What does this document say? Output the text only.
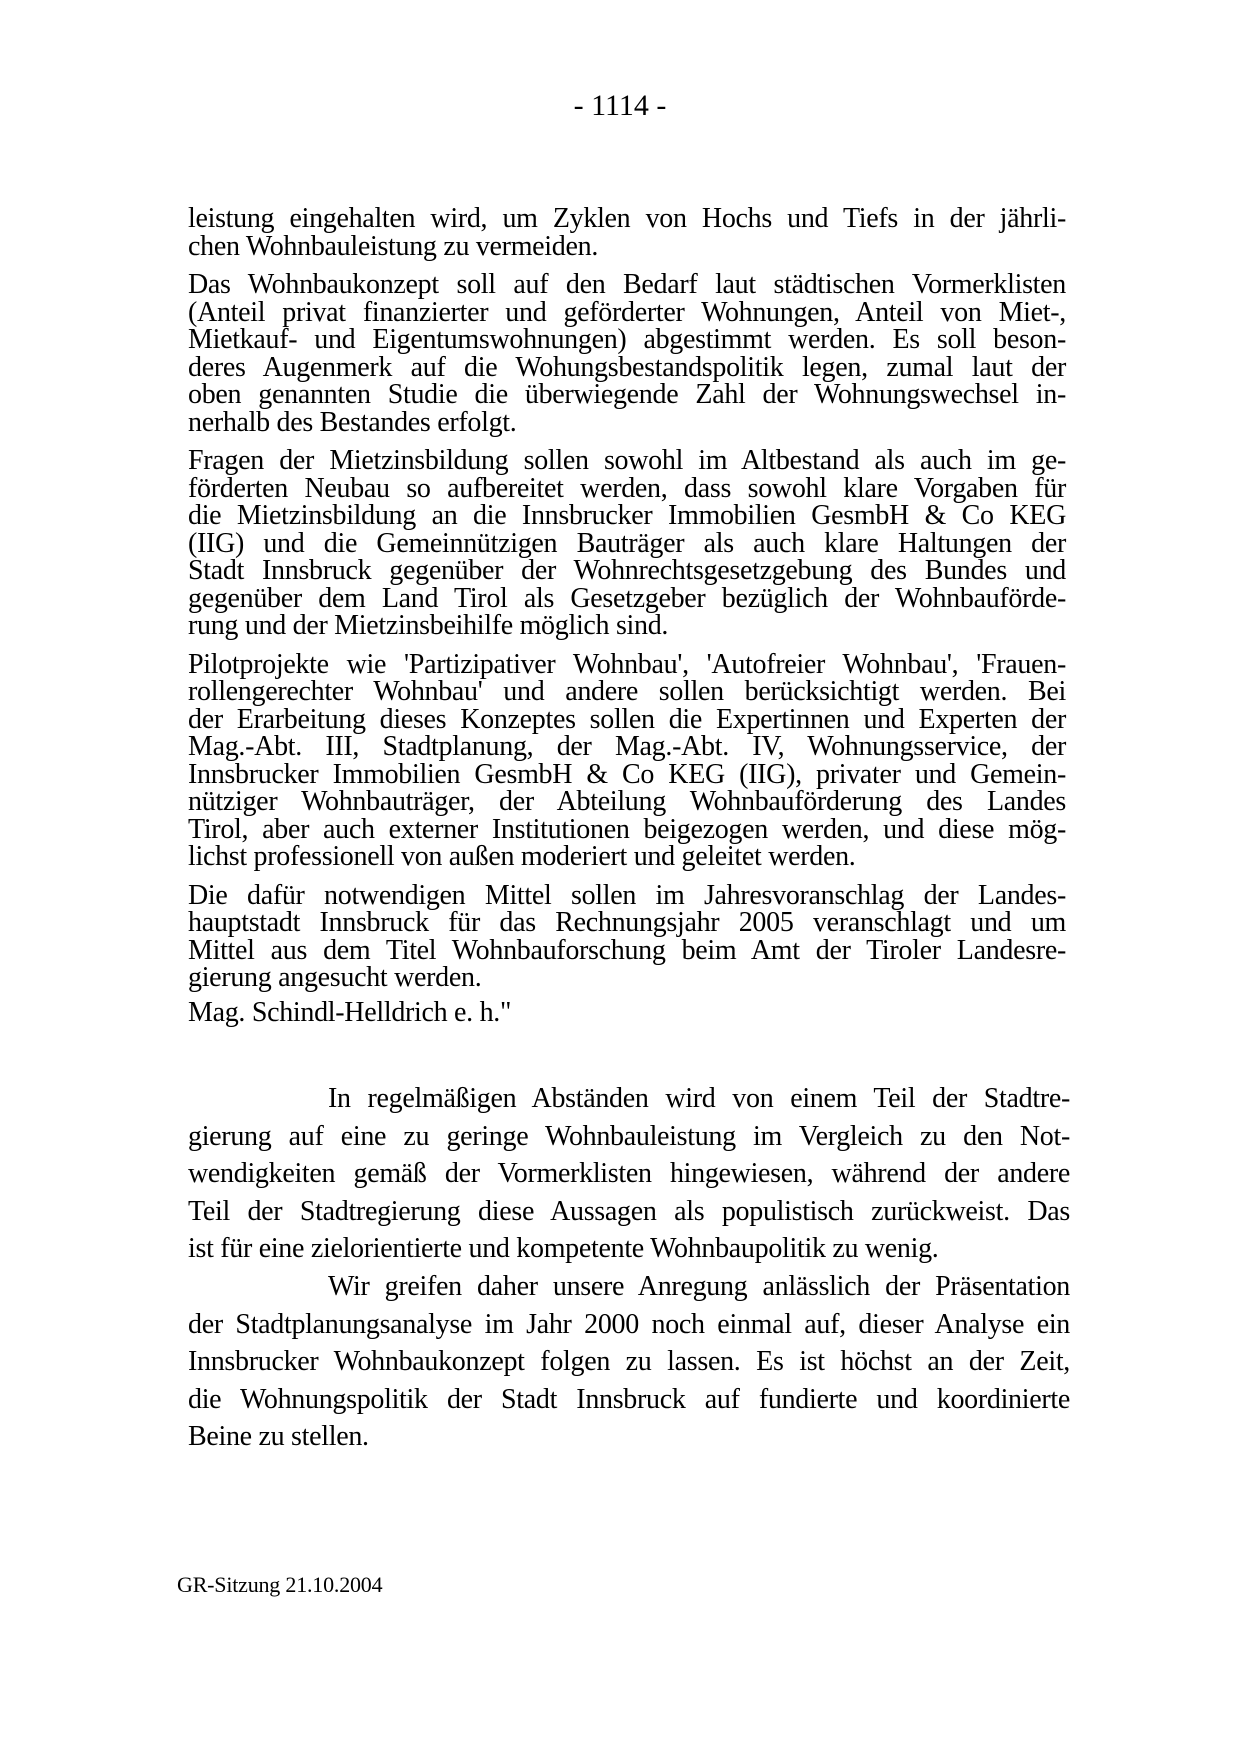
- 1114 -
leistung eingehalten wird, um Zyklen von Hochs und Tiefs in der jährli-
chen Wohnbauleistung zu vermeiden.
Das Wohnbaukonzept soll auf den Bedarf laut städtischen Vormerklisten
(Anteil privat finanzierter und geförderter Wohnungen, Anteil von Miet-,
Mietkauf- und Eigentumswohnungen) abgestimmt werden. Es soll beson-
deres Augenmerk auf die Wohungsbestandspolitik legen, zumal laut der
oben genannten Studie die überwiegende Zahl der Wohnungswechsel in-
nerhalb des Bestandes erfolgt.
Fragen der Mietzinsbildung sollen sowohl im Altbestand als auch im ge-
förderten Neubau so aufbereitet werden, dass sowohl klare Vorgaben für
die Mietzinsbildung an die Innsbrucker Immobilien GesmbH & Co KEG
(IIG) und die Gemeinnützigen Bauträger als auch klare Haltungen der
Stadt Innsbruck gegenüber der Wohnrechtsgesetzgebung des Bundes und
gegenüber dem Land Tirol als Gesetzgeber bezüglich der Wohnbauförde-
rung und der Mietzinsbeihilfe möglich sind.
Pilotprojekte wie 'Partizipativer Wohnbau', 'Autofreier Wohnbau', 'Frauen-
rollengerechter Wohnbau' und andere sollen berücksichtigt werden. Bei
der Erarbeitung dieses Konzeptes sollen die Expertinnen und Experten der
Mag.-Abt. III, Stadtplanung, der Mag.-Abt. IV, Wohnungsservice, der
Innsbrucker Immobilien GesmbH & Co KEG (IIG), privater und Gemein-
nütziger Wohnbauträger, der Abteilung Wohnbauförderung des Landes
Tirol, aber auch externer Institutionen beigezogen werden, und diese mög-
lichst professionell von außen moderiert und geleitet werden.
Die dafür notwendigen Mittel sollen im Jahresvoranschlag der Landes-
hauptstadt Innsbruck für das Rechnungsjahr 2005 veranschlagt und um
Mittel aus dem Titel Wohnbauforschung beim Amt der Tiroler Landesre-
gierung angesucht werden.
Mag. Schindl-Helldrich e. h."
In regelmäßigen Abständen wird von einem Teil der Stadtre-
gierung auf eine zu geringe Wohnbauleistung im Vergleich zu den Not-
wendigkeiten gemäß der Vormerklisten hingewiesen, während der andere
Teil der Stadtregierung diese Aussagen als populistisch zurückweist. Das
ist für eine zielorientierte und kompetente Wohnbaupolitik zu wenig.
Wir greifen daher unsere Anregung anlässlich der Präsentation
der Stadtplanungsanalyse im Jahr 2000 noch einmal auf, dieser Analyse ein
Innsbrucker Wohnbaukonzept folgen zu lassen. Es ist höchst an der Zeit,
die Wohnungspolitik der Stadt Innsbruck auf fundierte und koordinierte
Beine zu stellen.
GR-Sitzung 21.10.2004
